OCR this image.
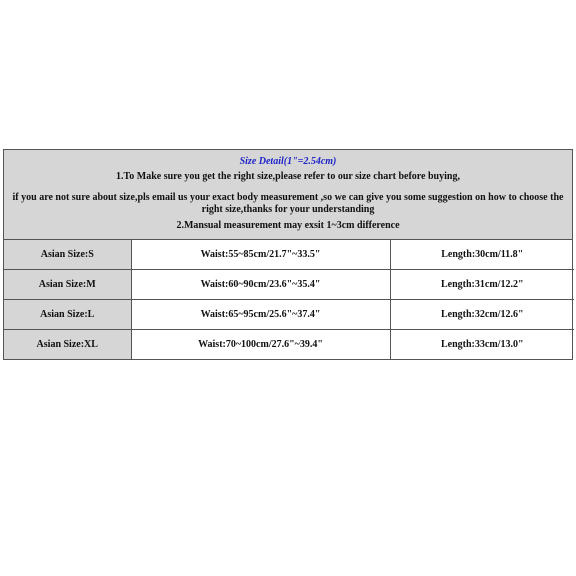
Size Detail(1"=2.54cm)
1.To Make sure you get the right size,please refer to our size chart before buying,
if you are not sure about size,pls email us your exact body measurement ,so we can give you some suggestion on how to choose the right size,thanks for your understanding
2.Mansual measurement may exsit 1~3cm difference
Asian Size:S	Waist:55~85cm/21.7"~33.5"	Length:30cm/11.8"
Asian Size:M	Waist:60~90cm/23.6"~35.4"	Length:31cm/12.2"
Asian Size:L	Waist:65~95cm/25.6"~37.4"	Length:32cm/12.6"
Asian Size:XL	Waist:70~100cm/27.6"~39.4"	Length:33cm/13.0"
